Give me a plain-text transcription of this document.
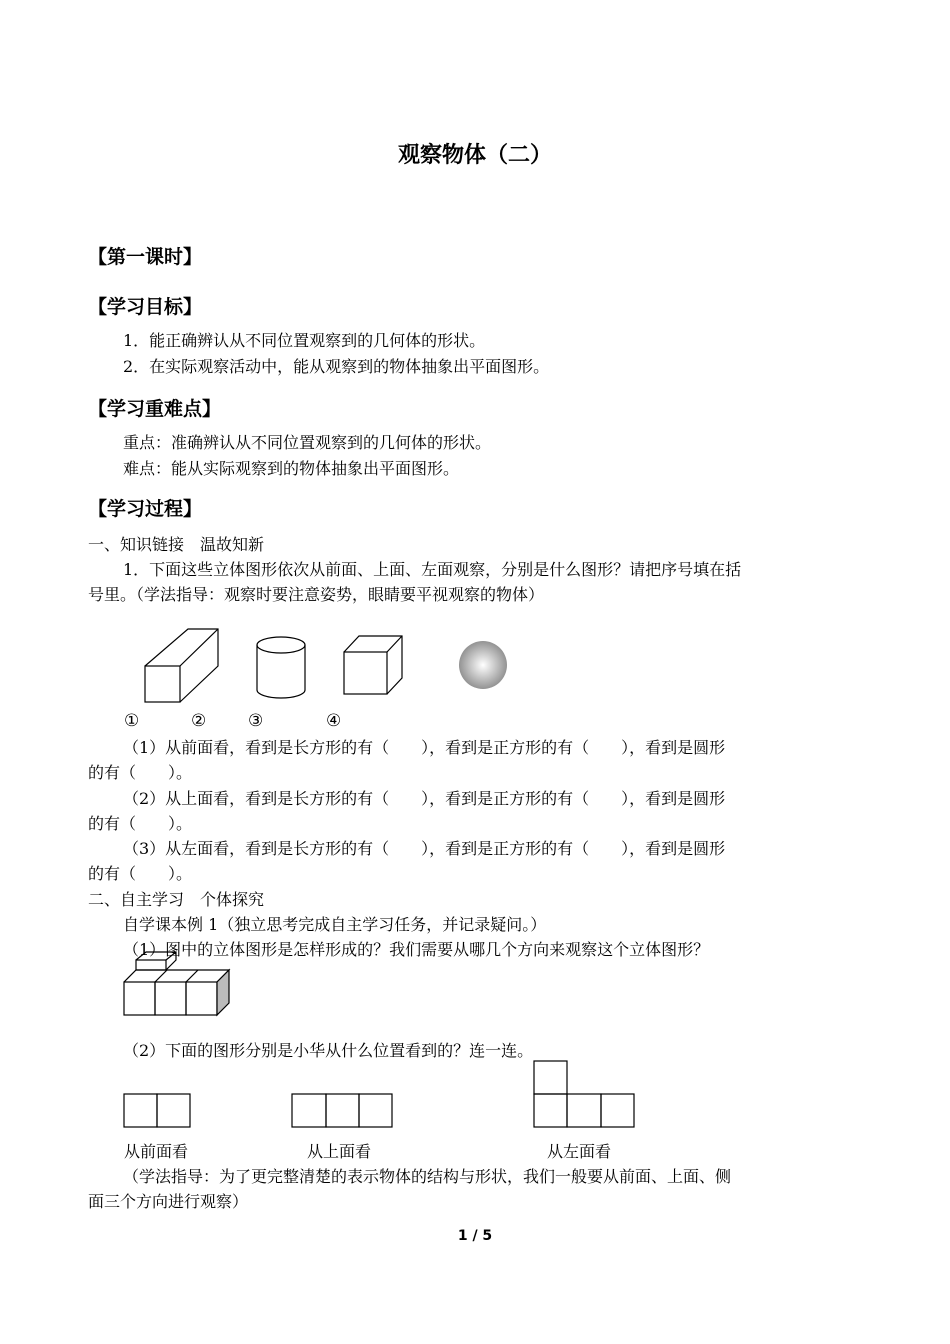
观察物体（二）
【第一课时】
【学习目标】
1．能正确辨认从不同位置观察到的几何体的形状。
2．在实际观察活动中，能从观察到的物体抽象出平面图形。
【学习重难点】
重点：准确辨认从不同位置观察到的几何体的形状。
难点：能从实际观察到的物体抽象出平面图形。
【学习过程】
一、知识链接　温故知新
1．下面这些立体图形依次从前面、上面、左面观察，分别是什么图形？请把序号填在括
号里。（学法指导：观察时要注意姿势，眼睛要平视观察的物体）
①	② ③	④
（1）从前面看，看到是长方形的有（　　），看到是正方形的有（　　），看到是圆形
的有（　　）。
（2）从上面看，看到是长方形的有（　　），看到是正方形的有（　　），看到是圆形
的有（　　）。
（3）从左面看，看到是长方形的有（　　），看到是正方形的有（　　），看到是圆形
的有（　　）。
二、自主学习　个体探究
自学课本例 1（独立思考完成自主学习任务，并记录疑问。）
（1）图中的立体图形是怎样形成的？我们需要从哪几个方向来观察这个立体图形？
（2）下面的图形分别是小华从什么位置看到的？连一连。
从前面看	从上面看	从左面看
（学法指导：为了更完整清楚的表示物体的结构与形状，我们一般要从前面、上面、侧
面三个方向进行观察）
1 / 5
